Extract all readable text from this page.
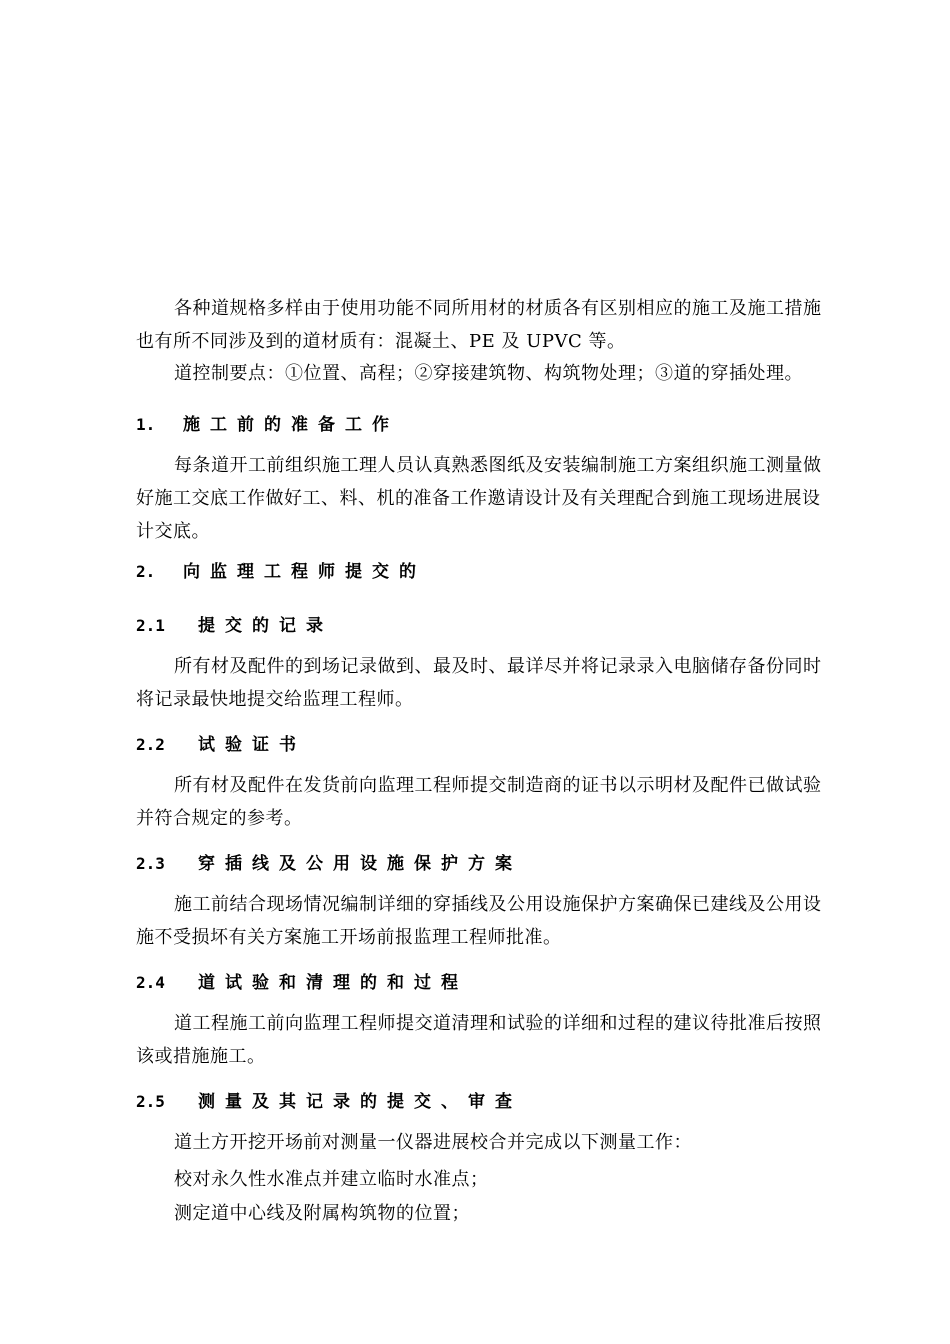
各种道规格多样由于使用功能不同所用材的材质各有区别相应的施工及施工措施也有所不同涉及到的道材质有：混凝土、PE 及 UPVC 等。

道控制要点：①位置、高程；②穿接建筑物、构筑物处理；③道的穿插处理。

1. 施工前的准备工作

每条道开工前组织施工理人员认真熟悉图纸及安装编制施工方案组织施工测量做好施工交底工作做好工、料、机的准备工作邀请设计及有关理配合到施工现场进展设计交底。

2. 向监理工程师提交的
2.1 提交的记录

所有材及配件的到场记录做到、最及时、最详尽并将记录录入电脑储存备份同时将记录最快地提交给监理工程师。

2.2 试验证书

所有材及配件在发货前向监理工程师提交制造商的证书以示明材及配件已做试验并符合规定的参考。

2.3 穿插线及公用设施保护方案

施工前结合现场情况编制详细的穿插线及公用设施保护方案确保已建线及公用设施不受损坏有关方案施工开场前报监理工程师批准。

2.4 道试验和清理的和过程

道工程施工前向监理工程师提交道清理和试验的详细和过程的建议待批准后按照该或措施施工。

2.5 测量及其记录的提交、审查

道土方开挖开场前对测量一仪器进展校合并完成以下测量工作：

校对永久性水准点并建立临时水准点；

测定道中心线及附属构筑物的位置；
